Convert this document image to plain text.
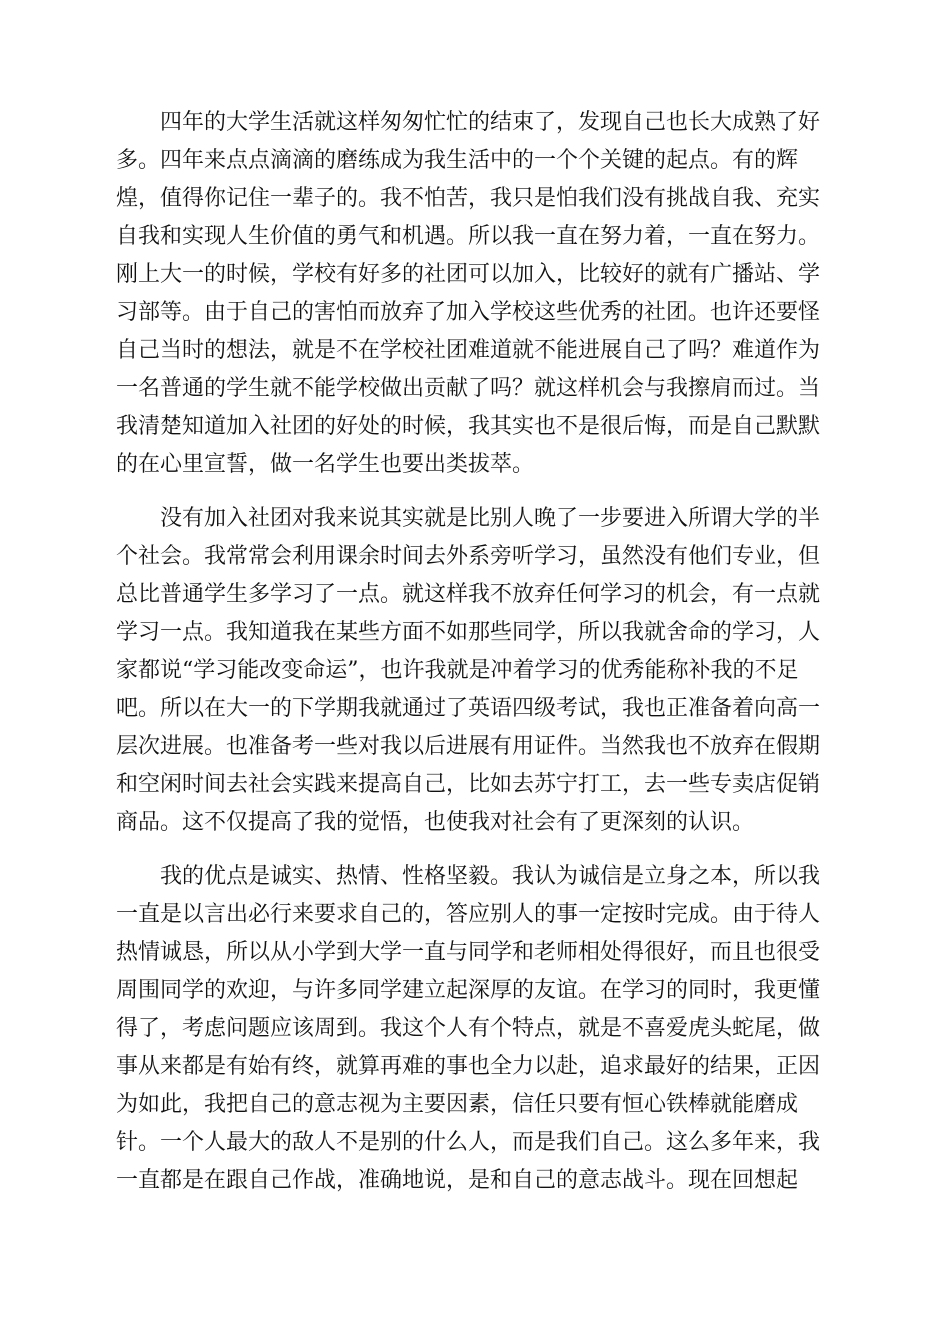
四年的大学生活就这样匆匆忙忙的结束了，发现自己也长大成熟了好
多。四年来点点滴滴的磨练成为我生活中的一个个关键的起点。有的辉
煌，值得你记住一辈子的。我不怕苦，我只是怕我们没有挑战自我、充实
自我和实现人生价值的勇气和机遇。所以我一直在努力着，一直在努力。
刚上大一的时候，学校有好多的社团可以加入，比较好的就有广播站、学
习部等。由于自己的害怕而放弃了加入学校这些优秀的社团。也许还要怪
自己当时的想法，就是不在学校社团难道就不能进展自己了吗？难道作为
一名普通的学生就不能学校做出贡献了吗？就这样机会与我擦肩而过。当
我清楚知道加入社团的好处的时候，我其实也不是很后悔，而是自己默默
的在心里宣誓，做一名学生也要出类拔萃。
没有加入社团对我来说其实就是比别人晚了一步要进入所谓大学的半
个社会。我常常会利用课余时间去外系旁听学习，虽然没有他们专业，但
总比普通学生多学习了一点。就这样我不放弃任何学习的机会，有一点就
学习一点。我知道我在某些方面不如那些同学，所以我就舍命的学习，人
家都说“学习能改变命运”，也许我就是冲着学习的优秀能称补我的不足
吧。所以在大一的下学期我就通过了英语四级考试，我也正准备着向高一
层次进展。也准备考一些对我以后进展有用证件。当然我也不放弃在假期
和空闲时间去社会实践来提高自己，比如去苏宁打工，去一些专卖店促销
商品。这不仅提高了我的觉悟，也使我对社会有了更深刻的认识。
我的优点是诚实、热情、性格坚毅。我认为诚信是立身之本，所以我
一直是以言出必行来要求自己的，答应别人的事一定按时完成。由于待人
热情诚恳，所以从小学到大学一直与同学和老师相处得很好，而且也很受
周围同学的欢迎，与许多同学建立起深厚的友谊。在学习的同时，我更懂
得了，考虑问题应该周到。我这个人有个特点，就是不喜爱虎头蛇尾，做
事从来都是有始有终，就算再难的事也全力以赴，追求最好的结果，正因
为如此，我把自己的意志视为主要因素，信任只要有恒心铁棒就能磨成
针。一个人最大的敌人不是别的什么人，而是我们自己。这么多年来，我
一直都是在跟自己作战，准确地说，是和自己的意志战斗。现在回想起
